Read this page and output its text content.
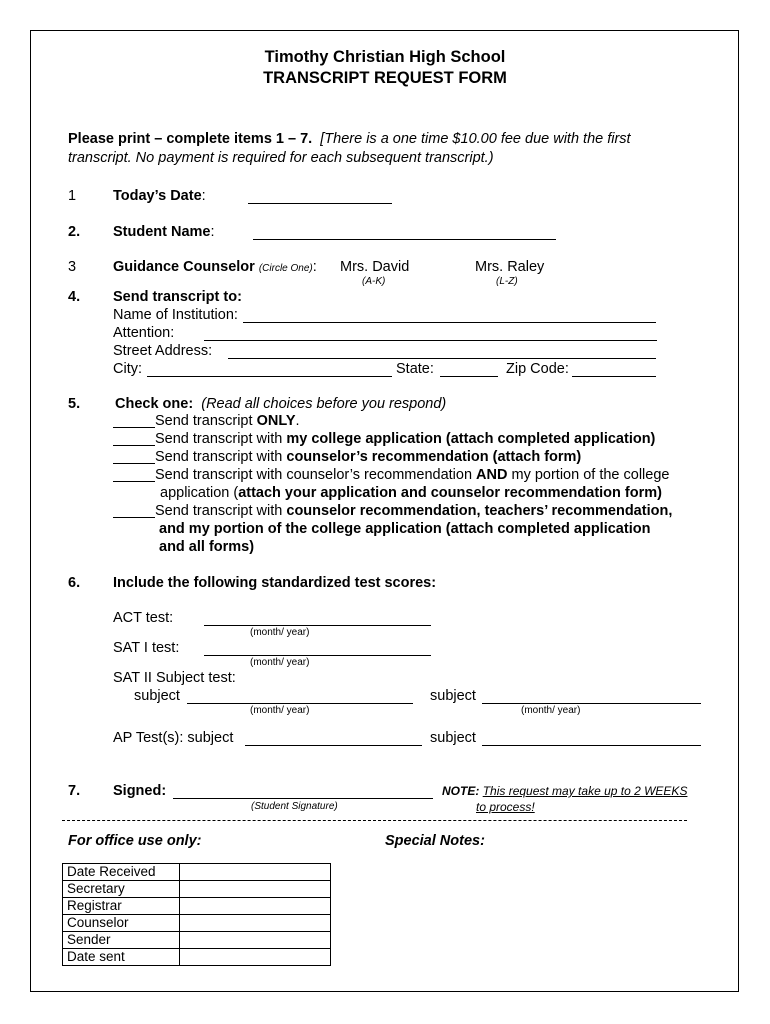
Timothy Christian High School
TRANSCRIPT REQUEST FORM
Please print – complete items 1 – 7. [There is a one time $10.00 fee due with the first
transcript. No payment is required for each subsequent transcript.)
1	Today’s Date:
2. Student Name:
3	Guidance Counselor (Circle One): Mrs. David
(A-K)
Mrs. Raley
(L-Z)
4. Send transcript to:
Name of Institution:
Attention:
Street Address:
City:	State:	Zip Code:
5. Check one: (Read all choices before you respond)
Send transcript ONLY.
Send transcript with my college application (attach completed application)
Send transcript with counselor’s recommendation (attach form)
Send transcript with counselor’s recommendation AND my portion of the college
application (attach your application and counselor recommendation form)
Send transcript with counselor recommendation, teachers’ recommendation,
and my portion of the college application (attach completed application
and all forms)
6. Include the following standardized test scores:
ACT test:
(month/ year)
SAT I test:
(month/ year)
SAT II Subject test:
subject
(month/ year)
subject
(month/ year)
AP Test(s): subject	subject
7. Signed:
(Student Signature)
NOTE: This request may take up to 2 WEEKS
to process!
For office use only:	Special Notes:
Date Received	
Secretary	
Registrar	
Counselor	
Sender	
Date sent	
